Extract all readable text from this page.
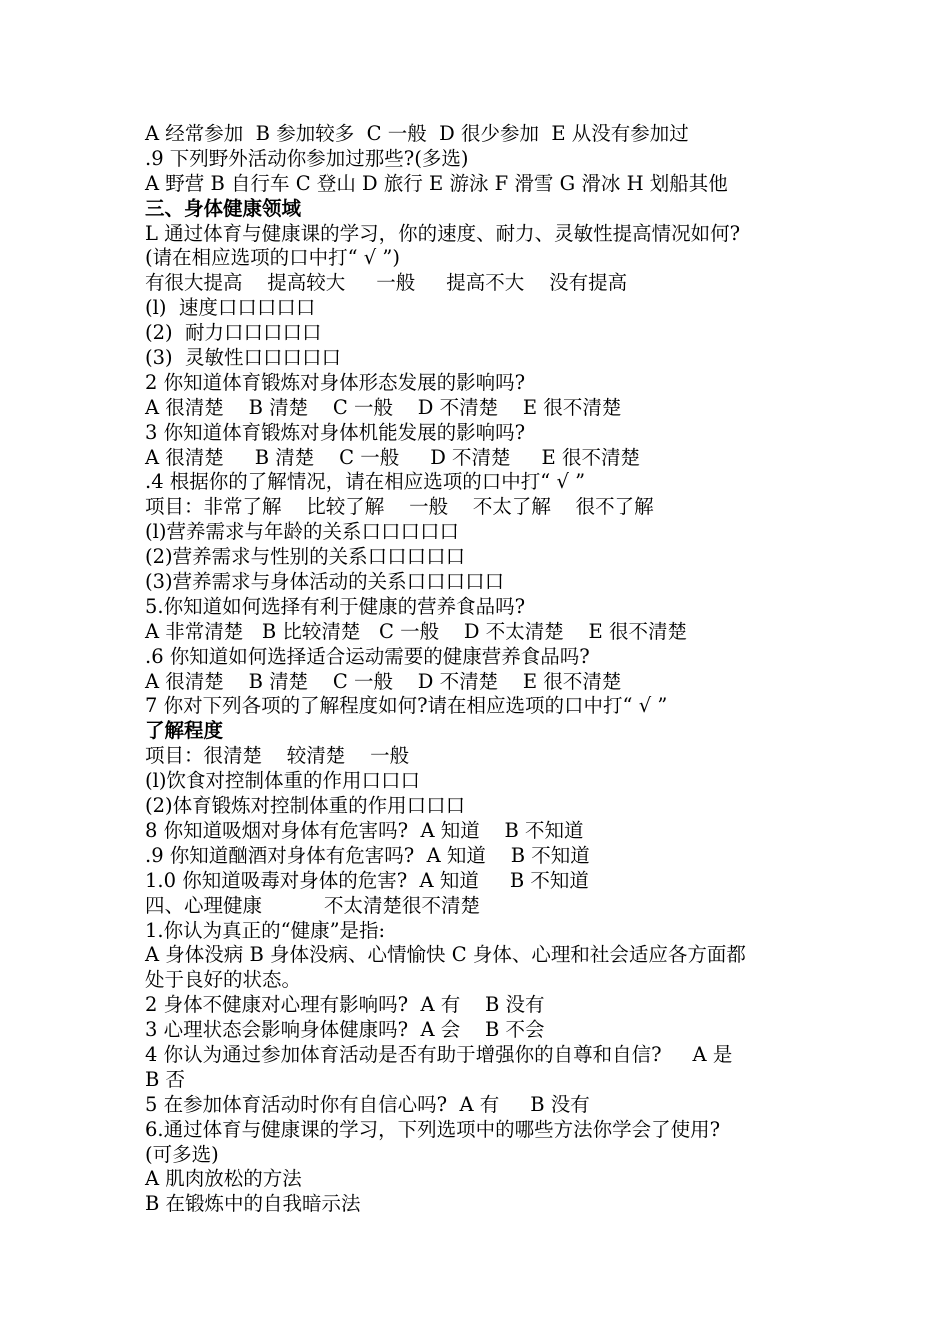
A 经常参加  B 参加较多  C 一般  D 很少参加  E 从没有参加过
.9 下列野外活动你参加过那些?(多选)
A 野营 B 自行车 C 登山 D 旅行 E 游泳 F 滑雪 G 滑冰 H 划船其他
三、身体健康领域
L 通过体育与健康课的学习，你的速度、耐力、灵敏性提高情况如何?
(请在相应选项的口中打“ √ ”)
有很大提高    提高较大     一般     提高不大    没有提高
(l)  速度口口口口口
(2)  耐力口口口口口
(3)  灵敏性口口口口口
2 你知道体育锻炼对身体形态发展的影响吗?
A 很清楚    B 清楚    C 一般    D 不清楚    E 很不清楚
3 你知道体育锻炼对身体机能发展的影响吗?
A 很清楚     B 清楚    C 一般     D 不清楚     E 很不清楚
.4 根据你的了解情况，请在相应选项的口中打“ √ ”
项目：非常了解    比较了解    一般    不太了解    很不了解
(l)营养需求与年龄的关系口口口口口
(2)营养需求与性别的关系口口口口口
(3)营养需求与身体活动的关系口口口口口
5.你知道如何选择有利于健康的营养食品吗?
A 非常清楚   B 比较清楚   C 一般    D 不太清楚    E 很不清楚
.6 你知道如何选择适合运动需要的健康营养食品吗?
A 很清楚    B 清楚    C 一般    D 不清楚    E 很不清楚
7 你对下列各项的了解程度如何?请在相应选项的口中打“ √ ”
了解程度
项目：很清楚    较清楚    一般
(l)饮食对控制体重的作用口口口
(2)体育锻炼对控制体重的作用口口口
8 你知道吸烟对身体有危害吗?  A 知道    B 不知道
.9 你知道酗酒对身体有危害吗?  A 知道    B 不知道
1.0 你知道吸毒对身体的危害?  A 知道     B 不知道
四、心理健康          不太清楚很不清楚
1.你认为真正的“健康”是指:
A 身体没病 B 身体没病、心情愉快 C 身体、心理和社会适应各方面都
处于良好的状态。
2 身体不健康对心理有影响吗?  A 有    B 没有
3 心理状态会影响身体健康吗?  A 会    B 不会
4 你认为通过参加体育活动是否有助于增强你的自尊和自信?     A 是
B 否
5 在参加体育活动时你有自信心吗?  A 有     B 没有
6.通过体育与健康课的学习，下列选项中的哪些方法你学会了使用?
(可多选)
A 肌肉放松的方法
B 在锻炼中的自我暗示法
